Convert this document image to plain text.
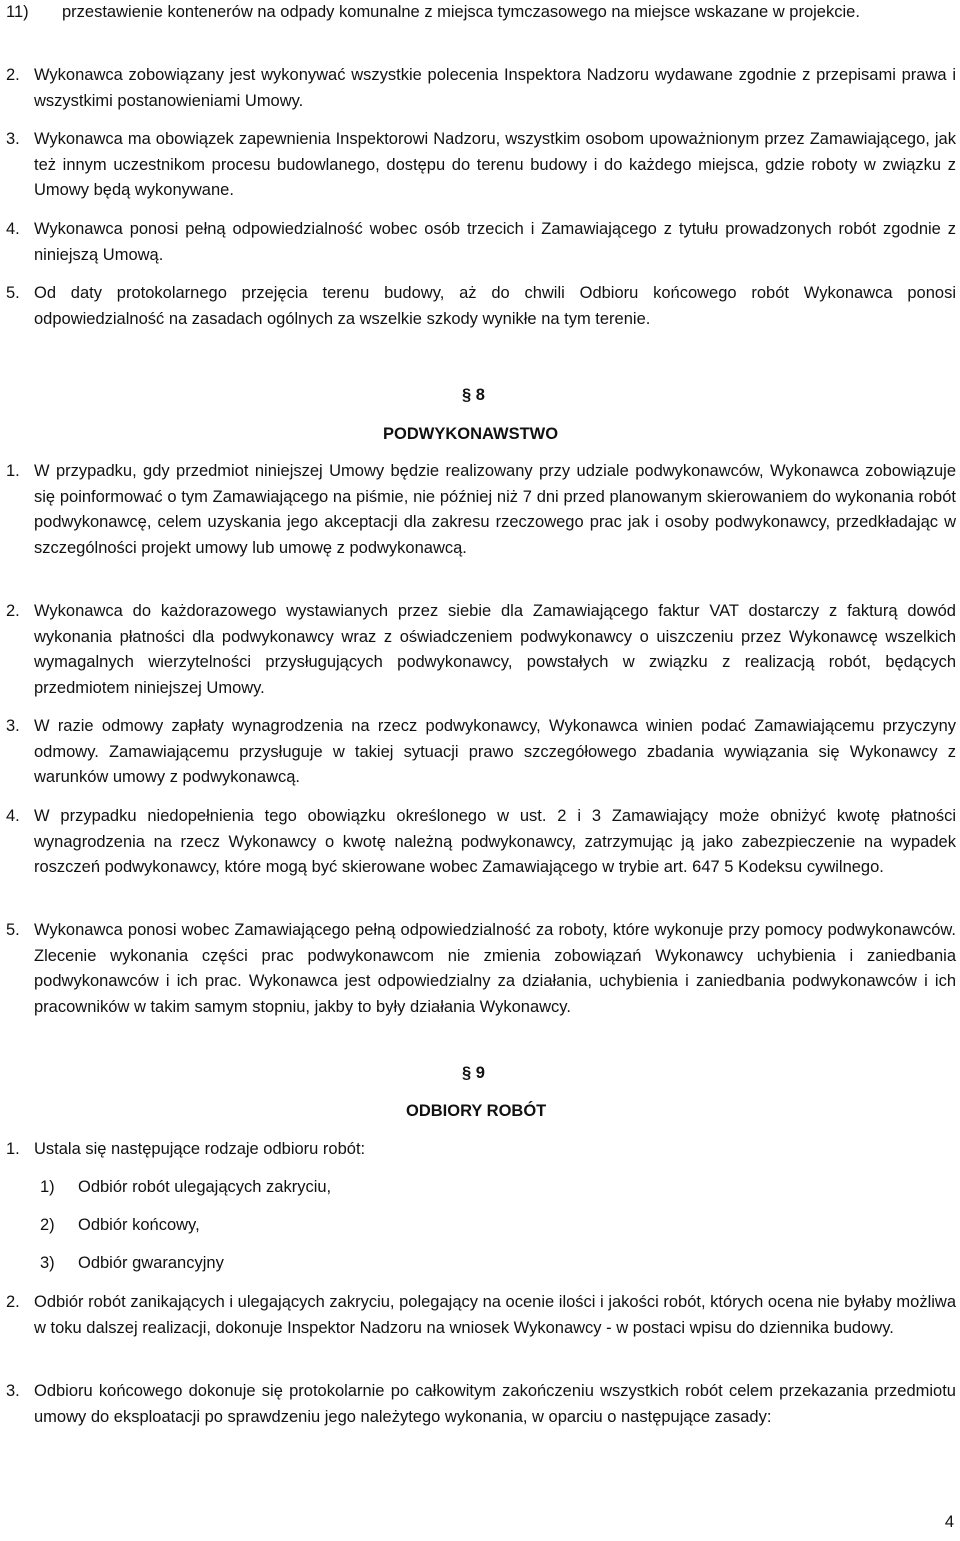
11)	przestawienie kontenerów na odpady komunalne z miejsca tymczasowego na miejsce wskazane w projekcie.
2. Wykonawca zobowiązany jest wykonywać wszystkie polecenia Inspektora Nadzoru wydawane zgodnie z przepisami prawa i wszystkimi postanowieniami Umowy.
3. Wykonawca ma obowiązek zapewnienia Inspektorowi Nadzoru, wszystkim osobom upoważnionym przez Zamawiającego, jak też innym uczestnikom procesu budowlanego, dostępu do terenu budowy i do każdego miejsca, gdzie roboty w związku z Umowy będą wykonywane.
4. Wykonawca ponosi pełną odpowiedzialność wobec osób trzecich i Zamawiającego z tytułu prowadzonych robót zgodnie z niniejszą Umową.
5. Od daty protokolarnego przejęcia terenu budowy, aż do chwili Odbioru końcowego robót Wykonawca ponosi odpowiedzialność na zasadach ogólnych za wszelkie szkody wynikłe na tym terenie.
§ 8
PODWYKONAWSTWO
1. W przypadku, gdy przedmiot niniejszej Umowy będzie realizowany przy udziale podwykonawców, Wykonawca zobowiązuje się poinformować o tym Zamawiającego na piśmie, nie później niż 7 dni przed planowanym skierowaniem do wykonania robót podwykonawcę, celem uzyskania jego akceptacji dla zakresu rzeczowego prac jak i osoby podwykonawcy, przedkładając w szczególności projekt umowy lub umowę z podwykonawcą.
2. Wykonawca do każdorazowego wystawianych przez siebie dla Zamawiającego faktur VAT dostarczy z fakturą dowód wykonania płatności dla podwykonawcy wraz z oświadczeniem podwykonawcy o uiszczeniu przez Wykonawcę wszelkich wymagalnych wierzytelności przysługujących podwykonawcy, powstałych w związku z realizacją robót, będących przedmiotem niniejszej Umowy.
3. W razie odmowy zapłaty wynagrodzenia na rzecz podwykonawcy, Wykonawca winien podać Zamawiającemu przyczyny odmowy. Zamawiającemu przysługuje w takiej sytuacji prawo szczegółowego zbadania wywiązania się Wykonawcy z warunków umowy z podwykonawcą.
4. W przypadku niedopełnienia tego obowiązku określonego w ust. 2 i 3 Zamawiający może obniżyć kwotę płatności wynagrodzenia na rzecz Wykonawcy o kwotę należną podwykonawcy, zatrzymując ją jako zabezpieczenie na wypadek roszczeń podwykonawcy, które mogą być skierowane wobec Zamawiającego w trybie art. 647 5 Kodeksu cywilnego.
5. Wykonawca ponosi wobec Zamawiającego pełną odpowiedzialność za roboty, które wykonuje przy pomocy podwykonawców. Zlecenie wykonania części prac podwykonawcom nie zmienia zobowiązań Wykonawcy uchybienia i zaniedbania podwykonawców i ich prac. Wykonawca jest odpowiedzialny za działania, uchybienia i zaniedbania podwykonawców i ich pracowników w takim samym stopniu, jakby to były działania Wykonawcy.
§ 9
ODBIORY ROBÓT
1. Ustala się następujące rodzaje odbioru robót:
1)	Odbiór robót ulegających zakryciu,
2)	Odbiór końcowy,
3)	Odbiór gwarancyjny
2. Odbiór robót zanikających i ulegających zakryciu, polegający na ocenie ilości i jakości robót, których ocena nie byłaby możliwa w toku dalszej realizacji, dokonuje Inspektor Nadzoru na wniosek Wykonawcy - w postaci wpisu do dziennika budowy.
3. Odbioru końcowego dokonuje się protokolarnie po całkowitym zakończeniu wszystkich robót celem przekazania przedmiotu umowy do eksploatacji po sprawdzeniu jego należytego wykonania, w oparciu o następujące zasady:
4
